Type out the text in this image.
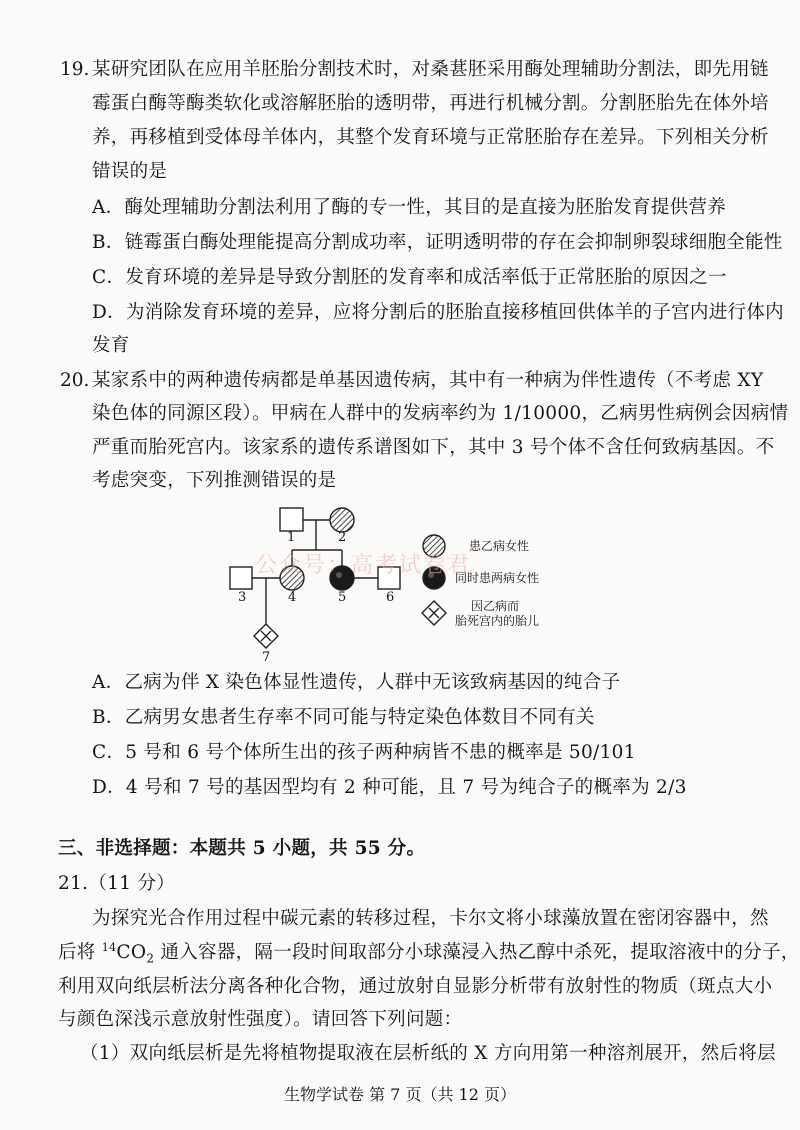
19. 某研究团队在应用羊胚胎分割技术时，对桑葚胚采用酶处理辅助分割法，即先用链
霉蛋白酶等酶类软化或溶解胚胎的透明带，再进行机械分割。分割胚胎先在体外培
养，再移植到受体母羊体内，其整个发育环境与正常胚胎存在差异。下列相关分析
错误的是
A．酶处理辅助分割法利用了酶的专一性，其目的是直接为胚胎发育提供营养
B．链霉蛋白酶处理能提高分割成功率，证明透明带的存在会抑制卵裂球细胞全能性
C．发育环境的差异是导致分割胚的发育率和成活率低于正常胚胎的原因之一
D．为消除发育环境的差异，应将分割后的胚胎直接移植回供体羊的子宫内进行体内
发育
20. 某家系中的两种遗传病都是单基因遗传病，其中有一种病为伴性遗传（不考虑 XY
染色体的同源区段）。甲病在人群中的发病率约为 1/10000，乙病男性病例会因病情
严重而胎死宫内。该家系的遗传系谱图如下，其中 3 号个体不含任何致病基因。不
考虑突变，下列推测错误的是
1	2
3	4	5	6
7
患乙病女性
同时患两病女性
因乙病而
胎死宫内的胎儿
公众号：高考试卷君
A．乙病为伴 X 染色体显性遗传，人群中无该致病基因的纯合子
B．乙病男女患者生存率不同可能与特定染色体数目不同有关
C．5 号和 6 号个体所生出的孩子两种病皆不患的概率是 50/101
D．4 号和 7 号的基因型均有 2 种可能，且 7 号为纯合子的概率为 2/3
三、非选择题：本题共 5 小题，共 55 分。
21.（11 分）
为探究光合作用过程中碳元素的转移过程，卡尔文将小球藻放置在密闭容器中，然
后将 $^{14}CO_2$ 通入容器，隔一段时间取部分小球藻浸入热乙醇中杀死，提取溶液中的分子，
利用双向纸层析法分离各种化合物，通过放射自显影分析带有放射性的物质（斑点大小
与颜色深浅示意放射性强度）。请回答下列问题：
（1）双向纸层析是先将植物提取液在层析纸的 X 方向用第一种溶剂展开，然后将层
生物学试卷 第 7 页（共 12 页）
